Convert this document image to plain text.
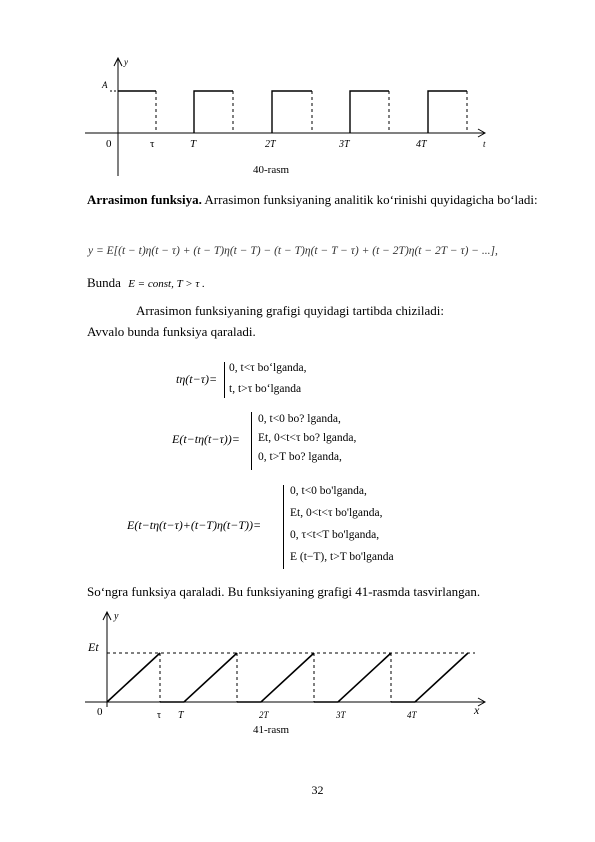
y
A
t
0	τ	T	2T	3T	4T
40-rasm
Arrasimon funksiya. Arrasimon funksiyaning analitik ko‘rinishi quyidagicha bo‘ladi:
y = E[(t − t)η(t − τ) + (t − T)η(t − T) − (t − T)η(t − T − τ) + (t − 2T)η(t − 2T − τ) − ...],
Bunda E = const, T > τ .
Arrasimon funksiyaning grafigi quyidagi tartibda chiziladi:
Avvalo bunda funksiya qaraladi.
tη(t−τ)=
0, t<τ bo‘lganda,
t, t>τ bo‘lganda
E(t−tη(t−τ))=
0, t<0 bo? lganda,
Et, 0<t<τ bo? lganda,
0, t>T bo? lganda,
E(t−tη(t−τ)+(t−T)η(t−T))=
0, t<0 bo'lganda,
Et, 0<t<τ bo'lganda,
0, τ<t<T bo'lganda,
E (t−T), t>T bo'lganda
So‘ngra funksiya qaraladi. Bu funksiyaning grafigi 41-rasmda tasvirlangan.
y
Et
x
0	τ T	2T	3T	4T
41-rasm
32
